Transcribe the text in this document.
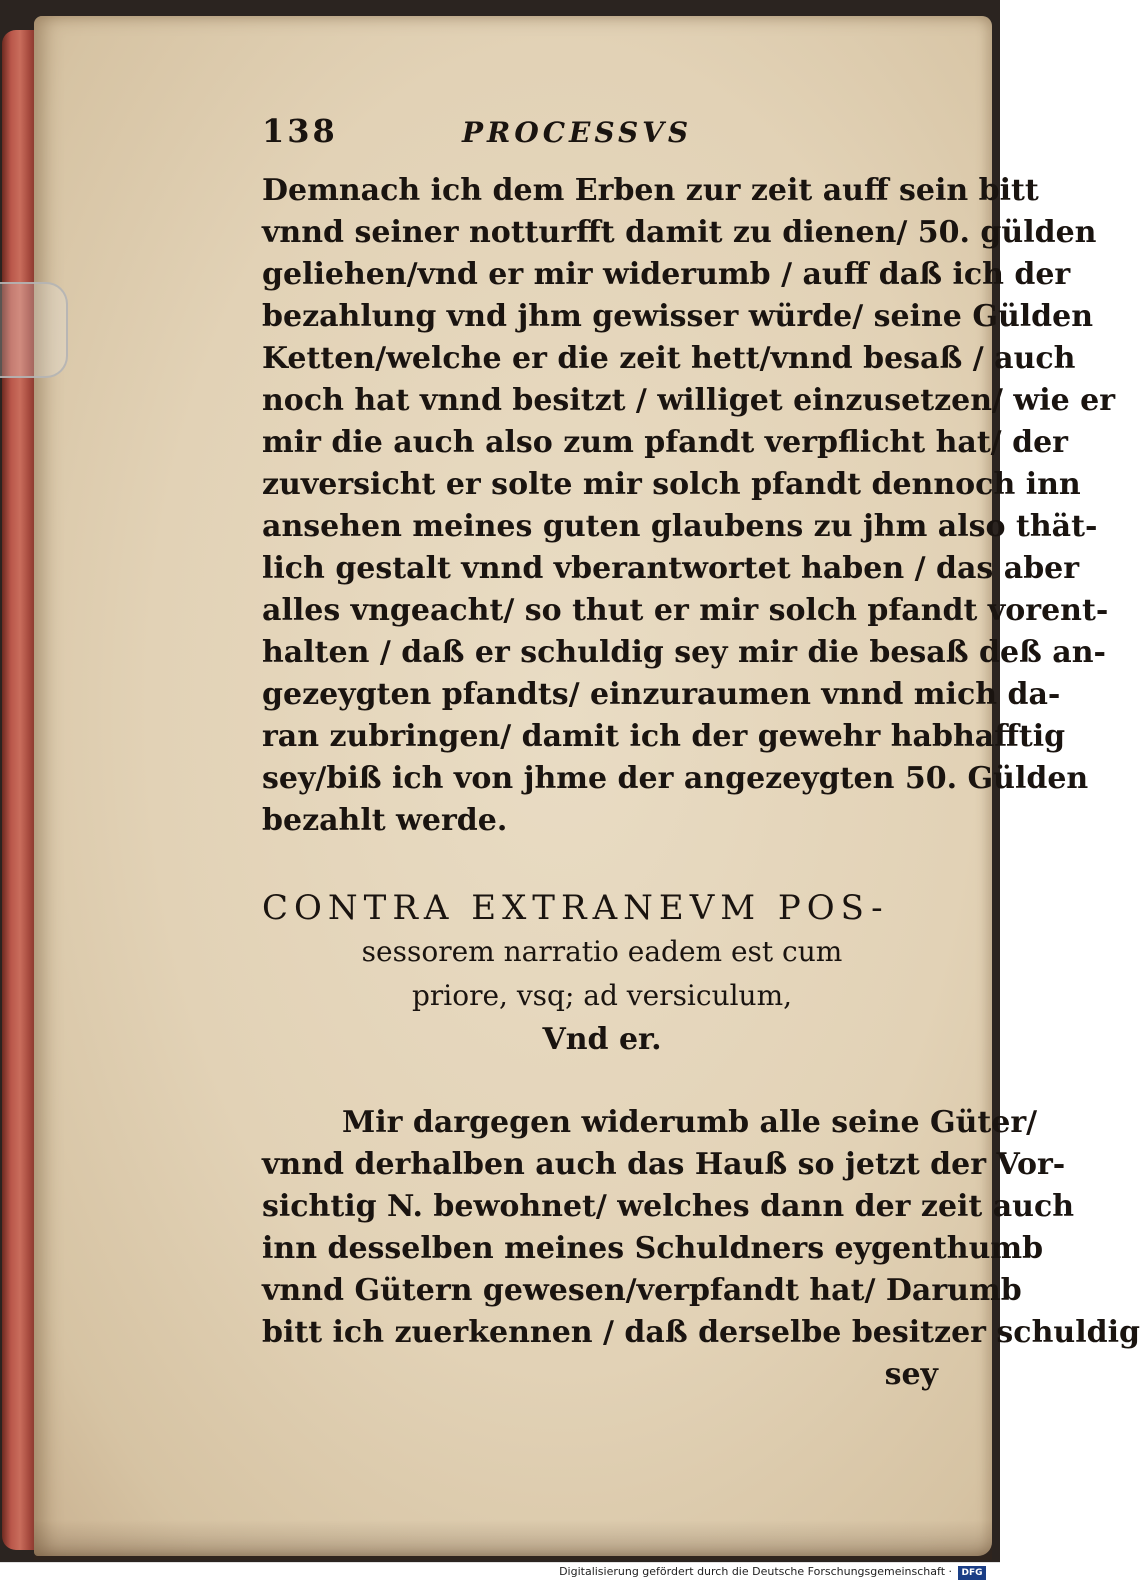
138	PROCESSVS
Demnach ich dem Erben zur zeit auff sein bitt
vnnd seiner notturfft damit zu dienen/ 50. gülden
geliehen/vnd er mir widerumb / auff daß ich der
bezahlung vnd jhm gewisser würde/ seine Gülden
Ketten/welche er die zeit hett/vnnd besaß / auch
noch hat vnnd besitzt / williget einzusetzen/ wie er
mir die auch also zum pfandt verpflicht hat/ der
zuversicht er solte mir solch pfandt dennoch inn
ansehen meines guten glaubens zu jhm also thät-
lich gestalt vnnd vberantwortet haben / das aber
alles vngeacht/ so thut er mir solch pfandt vorent-
halten / daß er schuldig sey mir die besaß deß an-
gezeygten pfandts/ einzuraumen vnnd mich da-
ran zubringen/ damit ich der gewehr habhafftig
sey/biß ich von jhme der angezeygten 50. Gülden
bezahlt werde.
CONTRA EXTRANEVM POS-
sessorem narratio eadem est cum
priore, vsq; ad versiculum,
Vnd er.
Mir dargegen widerumb alle seine Güter/
vnnd derhalben auch das Hauß so jetzt der Vor-
sichtig N. bewohnet/ welches dann der zeit auch
inn desselben meines Schuldners eygenthumb
vnnd Gütern gewesen/verpfandt hat/ Darumb
bitt ich zuerkennen / daß derselbe besitzer schuldig
sey
Digitalisierung gefördert durch die Deutsche Forschungsgemeinschaft ·	DFG
